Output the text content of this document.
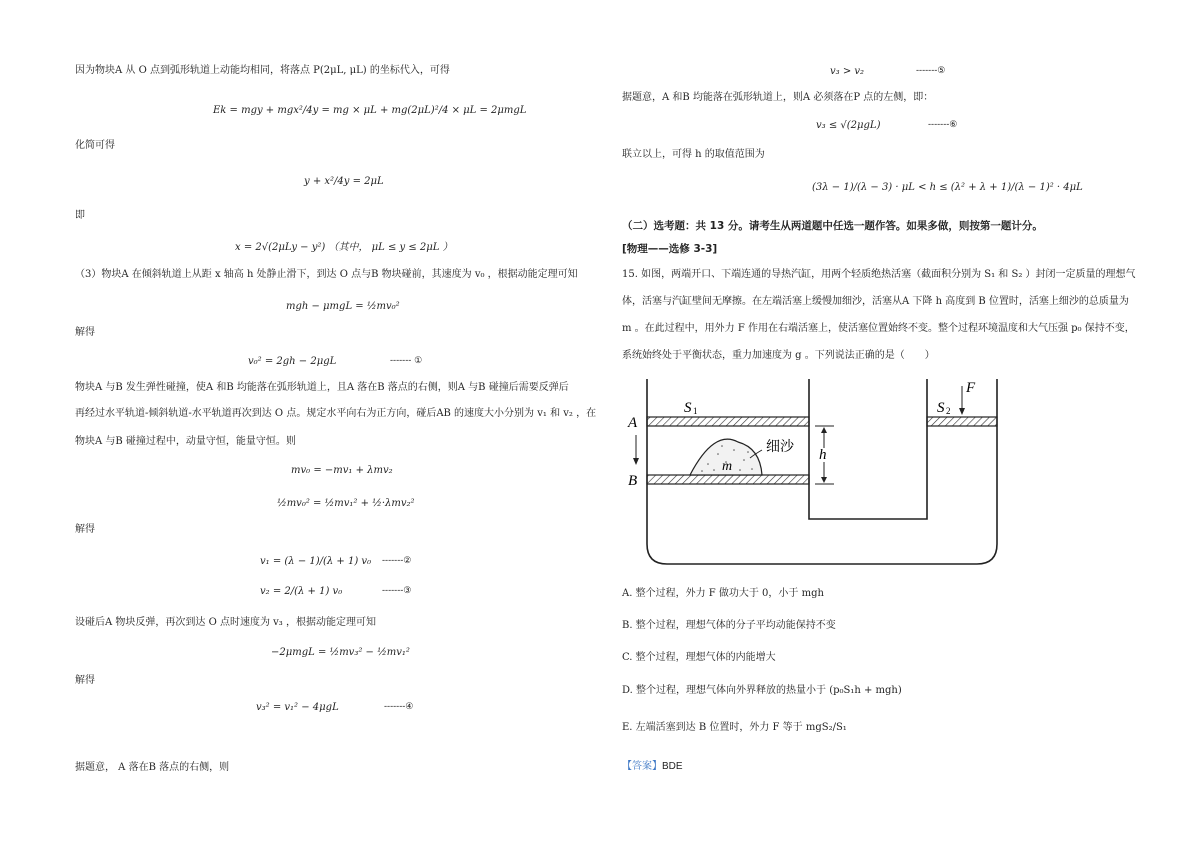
因为物块A 从 O 点到弧形轨道上动能均相同，将落点 P(2μL, μL) 的坐标代入，可得
Ek = mgy + mgx²/4y = mg × μL + mg(2μL)²/4 × μL = 2μmgL
化简可得
y + x²/4y = 2μL
即
x = 2√(2μLy − y²) （其中， μL ≤ y ≤ 2μL ）
（3）物块A 在倾斜轨道上从距 x 轴高 h 处静止滑下，到达 O 点与B 物块碰前，其速度为 v₀ ，根据动能定理可知
mgh − μmgL = ½mv₀²
解得
v₀² = 2gh − 2μgL	------- ①
物块A 与B 发生弹性碰撞，使A 和B 均能落在弧形轨道上，且A 落在B 落点的右侧，则A 与B 碰撞后需要反弹后
再经过水平轨道-倾斜轨道-水平轨道再次到达 O 点。规定水平向右为正方向，碰后AB 的速度大小分别为 v₁ 和 v₂ ，在
物块A 与B 碰撞过程中，动量守恒，能量守恒。则
mv₀ = −mv₁ + λmv₂
½mv₀² = ½mv₁² + ½·λmv₂²
解得
v₁ = (λ − 1)/(λ + 1) v₀ -------②
v₂ = 2/(λ + 1) v₀	-------③
设碰后A 物块反弹，再次到达 O 点时速度为 v₃ ，根据动能定理可知
−2μmgL = ½mv₃² − ½mv₁²
解得
v₃² = v₁² − 4μgL	-------④
据题意， A 落在B 落点的右侧，则
v₃ > v₂	-------⑤
据题意，A 和B 均能落在弧形轨道上，则A 必须落在P 点的左侧，即：
v₃ ≤ √(2μgL)	-------⑥
联立以上，可得 h 的取值范围为
(3λ − 1)/(λ − 3) · μL < h ≤ (λ² + λ + 1)/(λ − 1)² · 4μL
（二）选考题：共 13 分。请考生从两道题中任选一题作答。如果多做，则按第一题计分。
[物理——选修 3-3]
15. 如图，两端开口、下端连通的导热汽缸，用两个轻质绝热活塞（截面积分别为 S₁ 和 S₂ ）封闭一定质量的理想气
体，活塞与汽缸壁间无摩擦。在左端活塞上缓慢加细沙，活塞从A 下降 h 高度到 B 位置时，活塞上细沙的总质量为
m 。在此过程中，用外力 F 作用在右端活塞上，使活塞位置始终不变。整个过程环境温度和大气压强 p₀ 保持不变，
系统始终处于平衡状态，重力加速度为 g 。下列说法正确的是（　　）
A
B
S 1	S 2
F
h
m
细沙
A. 整个过程，外力 F 做功大于 0，小于 mgh
B. 整个过程，理想气体的分子平均动能保持不变
C. 整个过程，理想气体的内能增大
D. 整个过程，理想气体向外界释放的热量小于 (p₀S₁h + mgh)
E. 左端活塞到达 B 位置时，外力 F 等于 mgS₂/S₁
【答案】BDE
